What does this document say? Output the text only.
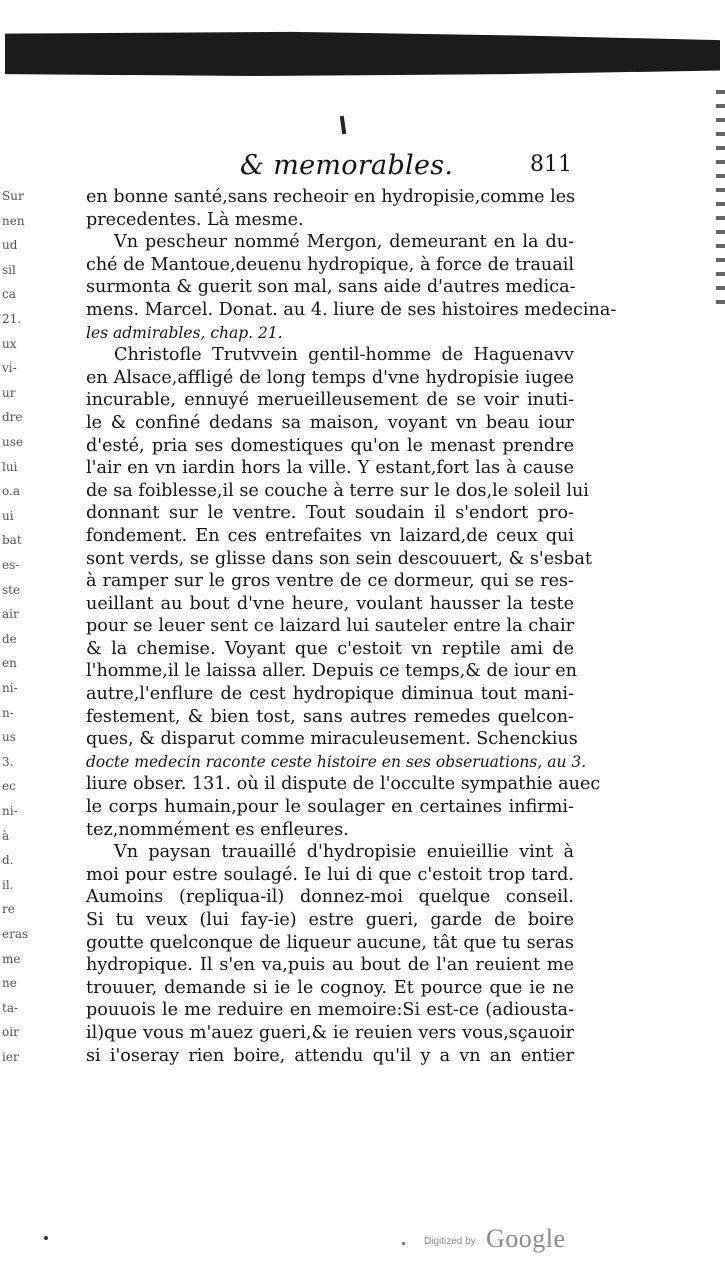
Sur
nen
ud
sil
ca
21.
ux
vi-
ur
dre
use
lui
o.a
ui
bat
es-
ste
air
de
en
ni-
n-
us
3.
ec
ni-
à
d.
il.
re
eras
me
ne
ta-
oir
ier
& memorables.	811
en bonne santé,sans recheoir en hydropisie,comme les
precedentes. Là mesme.
Vn pescheur nommé Mergon, demeurant en la du-
ché de Mantoue,deuenu hydropique, à force de trauail
surmonta & guerit son mal, sans aide d'autres medica-
mens. Marcel. Donat. au 4. liure de ses histoires medecina-
les admirables, chap. 21.
Christofle Trutvvein gentil-homme de Haguenavv
en Alsace,affligé de long temps d'vne hydropisie iugee
incurable, ennuyé merueilleusement de se voir inuti-
le & confiné dedans sa maison, voyant vn beau iour
d'esté, pria ses domestiques qu'on le menast prendre
l'air en vn iardin hors la ville. Y estant,fort las à cause
de sa foiblesse,il se couche à terre sur le dos,le soleil lui
donnant sur le ventre. Tout soudain il s'endort pro-
fondement. En ces entrefaites vn laizard,de ceux qui
sont verds, se glisse dans son sein descouuert, & s'esbat
à ramper sur le gros ventre de ce dormeur, qui se res-
ueillant au bout d'vne heure, voulant hausser la teste
pour se leuer sent ce laizard lui sauteler entre la chair
& la chemise. Voyant que c'estoit vn reptile ami de
l'homme,il le laissa aller. Depuis ce temps,& de iour en
autre,l'enflure de cest hydropique diminua tout mani-
festement, & bien tost, sans autres remedes quelcon-
ques, & disparut comme miraculeusement. Schenckius
docte medecin raconte ceste histoire en ses obseruations, au 3.
liure obser. 131. où il dispute de l'occulte sympathie auec
le corps humain,pour le soulager en certaines infirmi-
tez,nommément es enfleures.
Vn paysan trauaillé d'hydropisie enuieillie vint à
moi pour estre soulagé. Ie lui di que c'estoit trop tard.
Aumoins (repliqua-il) donnez-moi quelque conseil.
Si tu veux (lui fay-ie) estre gueri, garde de boire
goutte quelconque de liqueur aucune, tât que tu seras
hydropique. Il s'en va,puis au bout de l'an reuient me
trouuer, demande si ie le cognoy. Et pource que ie ne
pouuois le me reduire en memoire:Si est-ce (adiousta-
il)que vous m'auez gueri,& ie reuien vers vous,sçauoir
si i'oseray rien boire, attendu qu'il y a vn an entier
Digitized by Google
